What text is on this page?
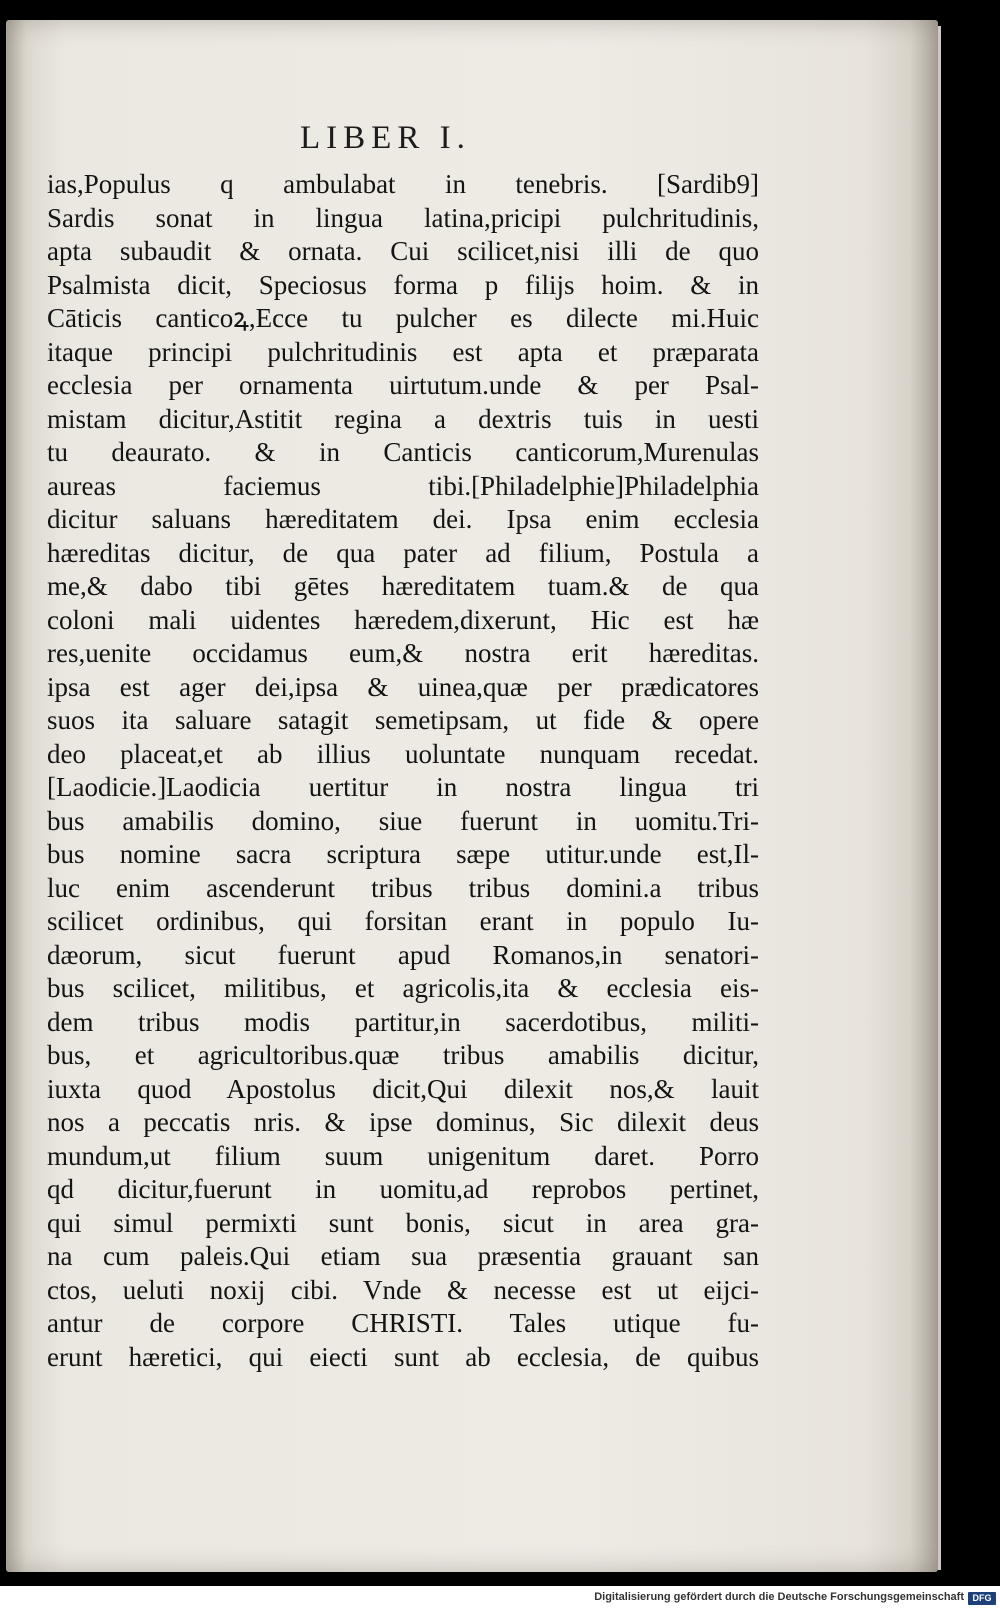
LIBER I.
ias,Populus q ambulabat in tenebris. [Sardib9]
Sardis sonat in lingua latina,pricipi pulchritudinis,
apta subaudit & ornata. Cui scilicet,nisi illi de quo
Psalmista dicit, Speciosus forma p filijs hoim. & in
Cāticis canticoꝝ,Ecce tu pulcher es dilecte mi.Huic
itaque principi pulchritudinis est apta et præparata
ecclesia per ornamenta uirtutum.unde & per Psal-
mistam dicitur,Astitit regina a dextris tuis in uesti
tu deaurato. & in Canticis canticorum,Murenulas
aureas faciemus tibi.[Philadelphie]Philadelphia
dicitur saluans hæreditatem dei. Ipsa enim ecclesia
hæreditas dicitur, de qua pater ad filium, Postula a
me,& dabo tibi gētes hæreditatem tuam.& de qua
coloni mali uidentes hæredem,dixerunt, Hic est hæ
res,uenite occidamus eum,& nostra erit hæreditas.
ipsa est ager dei,ipsa & uinea,quæ per prædicatores
suos ita saluare satagit semetipsam, ut fide & opere
deo placeat,et ab illius uoluntate nunquam recedat.
[Laodicie.]Laodicia uertitur in nostra lingua tri
bus amabilis domino, siue fuerunt in uomitu.Tri-
bus nomine sacra scriptura sæpe utitur.unde est,Il-
luc enim ascenderunt tribus tribus domini.a tribus
scilicet ordinibus, qui forsitan erant in populo Iu-
dæorum, sicut fuerunt apud Romanos,in senatori-
bus scilicet, militibus, et agricolis,ita & ecclesia eis-
dem tribus modis partitur,in sacerdotibus, militi-
bus, et agricultoribus.quæ tribus amabilis dicitur,
iuxta quod Apostolus dicit,Qui dilexit nos,& lauit
nos a peccatis nris. & ipse dominus, Sic dilexit deus
mundum,ut filium suum unigenitum daret. Porro
qd dicitur,fuerunt in uomitu,ad reprobos pertinet,
qui simul permixti sunt bonis, sicut in area gra-
na cum paleis.Qui etiam sua præsentia grauant san
ctos, ueluti noxij cibi. Vnde & necesse est ut eijci-
antur de corpore CHRISTI. Tales utique fu-
erunt hæretici, qui eiecti sunt ab ecclesia, de quibus
Digitalisierung gefördert durch die Deutsche Forschungsgemeinschaft DFG
